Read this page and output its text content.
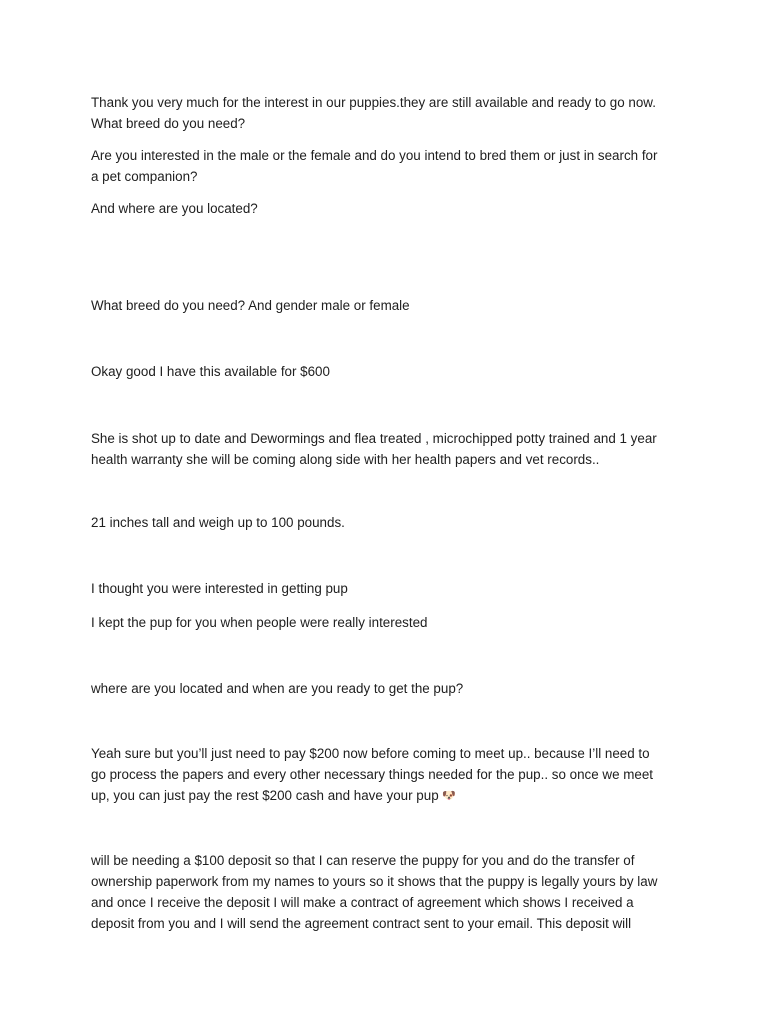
Thank you very much for the interest in our puppies.they are still available and ready to go now.
What breed do you need?

Are you interested in the male or the female and do you intend to bred them or just in search for
a pet companion?

And where are you located?

What breed do you need? And gender male or female

Okay good I have this available for $600

She is shot up to date and Dewormings and flea treated , microchipped potty trained and 1 year
health warranty she will be coming along side with her health papers and vet records..

21 inches tall and weigh up to 100 pounds.

I thought you were interested in getting pup

I kept the pup for you when people were really interested

where are you located and when are you ready to get the pup?

Yeah sure but you’ll just need to pay $200 now before coming to meet up.. because I’ll need to
go process the papers and every other necessary things needed for the pup.. so once we meet
up, you can just pay the rest $200 cash and have your pup 🐶

will be needing a $100 deposit so that I can reserve the puppy for you and do the transfer of
ownership paperwork from my names to yours so it shows that the puppy is legally yours by law
and once I receive the deposit I will make a contract of agreement which shows I received a
deposit from you and I will send the agreement contract sent to your email. This deposit will
